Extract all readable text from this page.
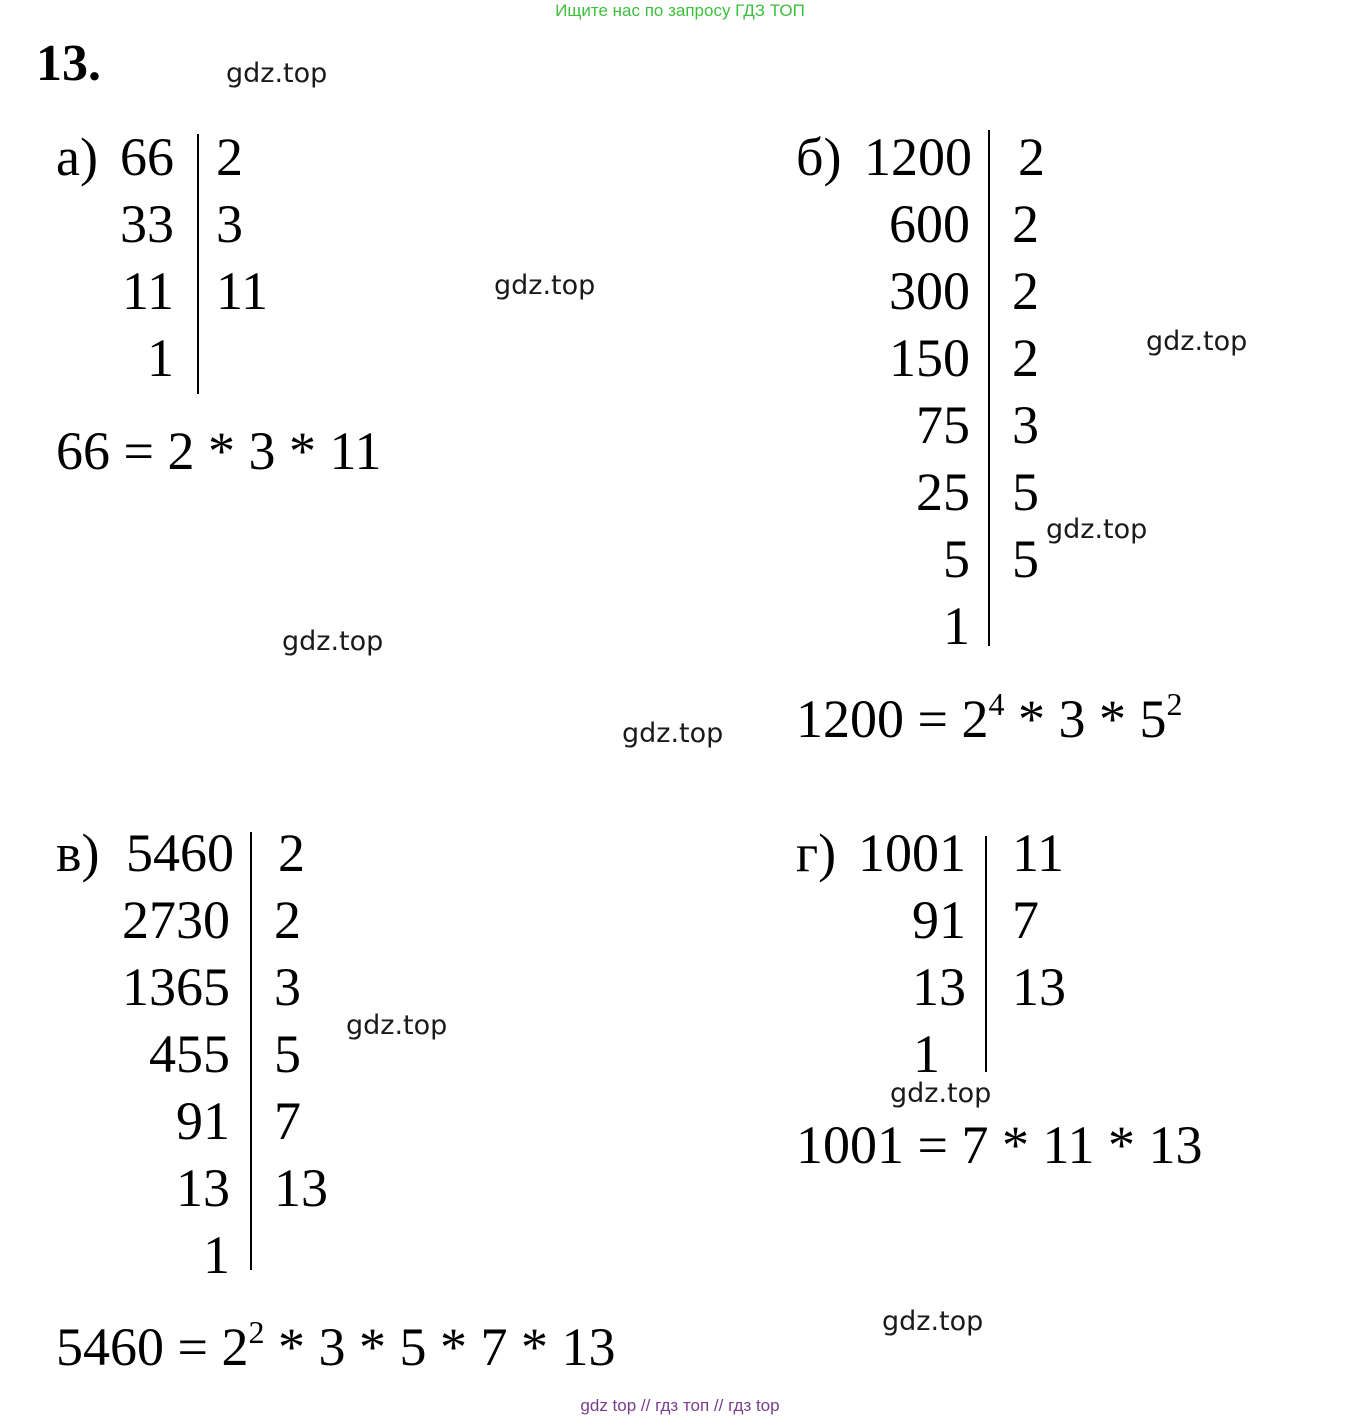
Ищите нас по запросу ГДЗ ТОП
13.	gdz.top
gdz.top
gdz.top
gdz.top
gdz.top
gdz.top
gdz.top
gdz.top
gdz.top
а) 66
33
11
1
2
3
11
66 = 2 * 3 * 11
б) 1200
600
300
150
75
25
5
1
2
2
2
2
3
5
5
$1200 = 2^4 * 3 * 5^2$
в) 5460
2730
1365
455
91
13
1
2
2
3
5
7
13
$5460 = 2^2 * 3 * 5 * 7 * 13$
г) 1001
91
13
1
11
7
13
1001 = 7 * 11 * 13
gdz top // гдз топ // гдз top
